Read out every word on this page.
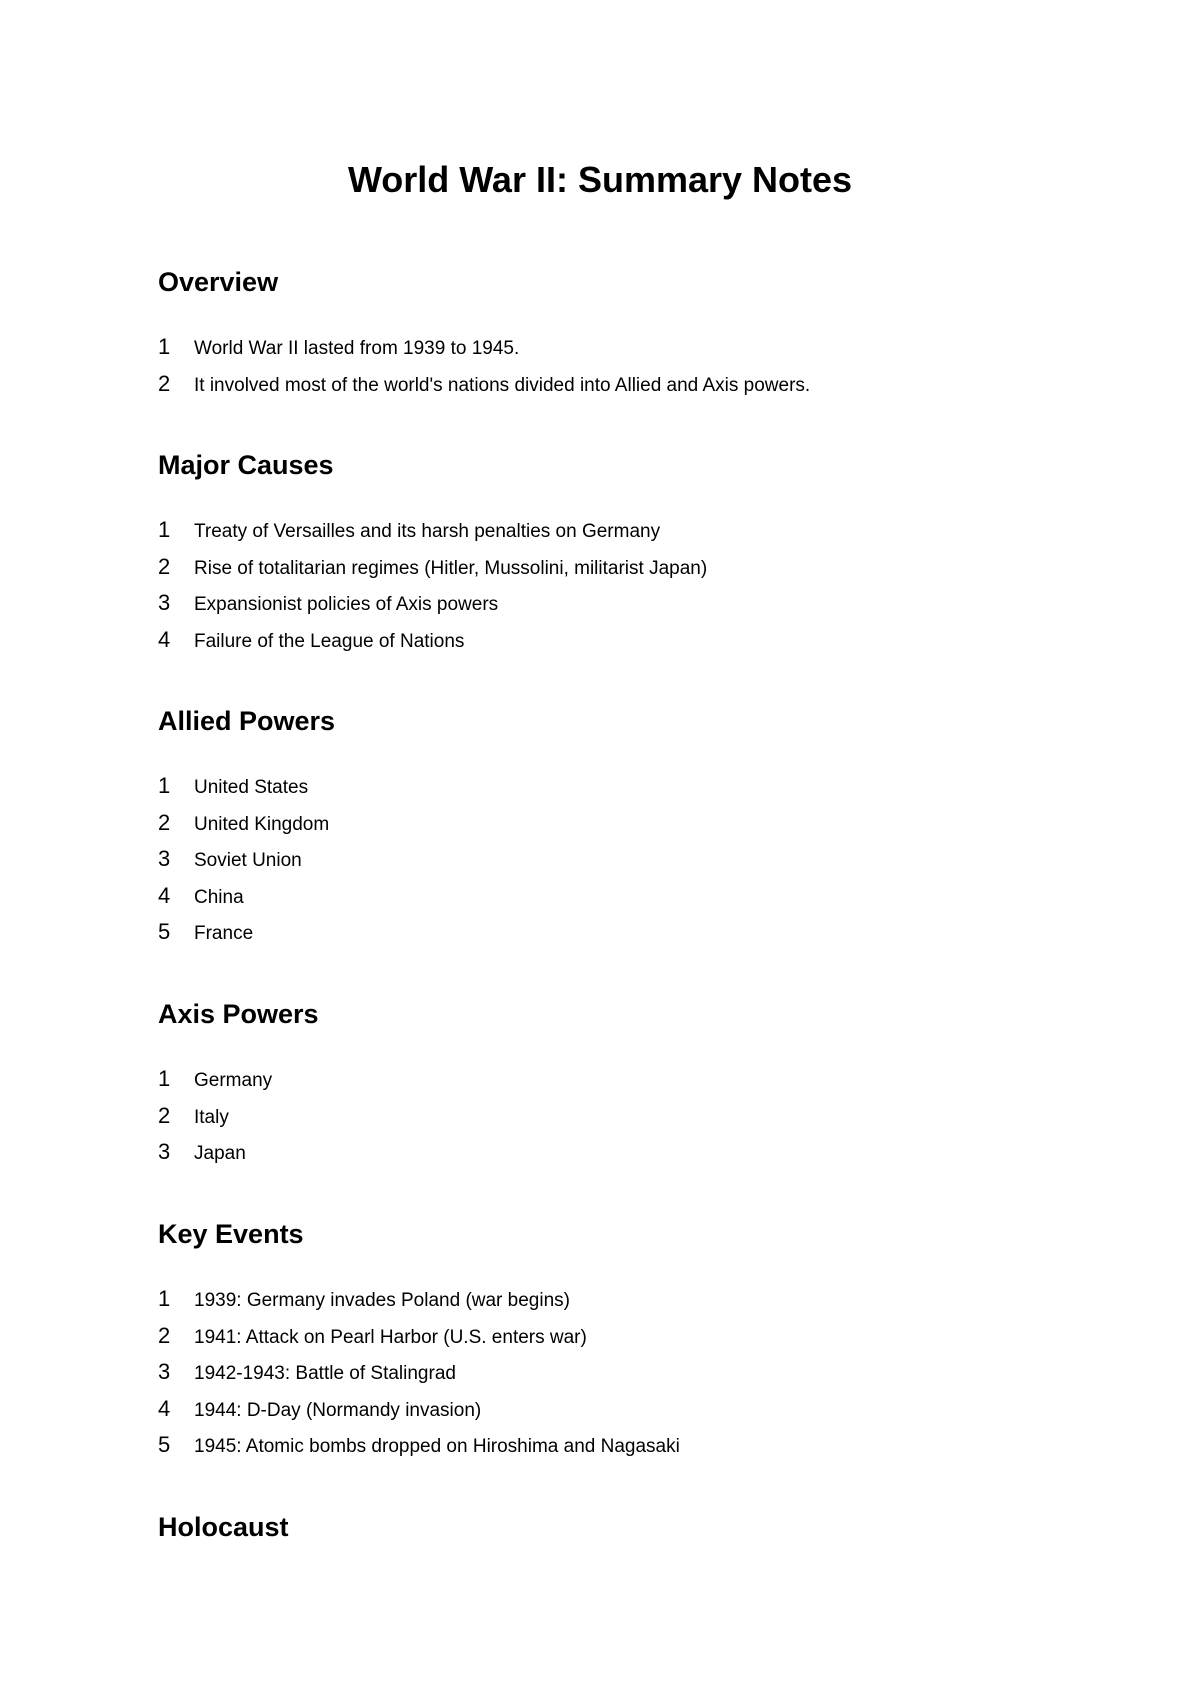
World War II: Summary Notes
Overview
1	World War II lasted from 1939 to 1945.
2	It involved most of the world's nations divided into Allied and Axis powers.
Major Causes
1	Treaty of Versailles and its harsh penalties on Germany
2	Rise of totalitarian regimes (Hitler, Mussolini, militarist Japan)
3	Expansionist policies of Axis powers
4	Failure of the League of Nations
Allied Powers
1	United States
2	United Kingdom
3	Soviet Union
4	China
5	France
Axis Powers
1	Germany
2	Italy
3	Japan
Key Events
1	1939: Germany invades Poland (war begins)
2	1941: Attack on Pearl Harbor (U.S. enters war)
3	1942-1943: Battle of Stalingrad
4	1944: D-Day (Normandy invasion)
5	1945: Atomic bombs dropped on Hiroshima and Nagasaki
Holocaust
